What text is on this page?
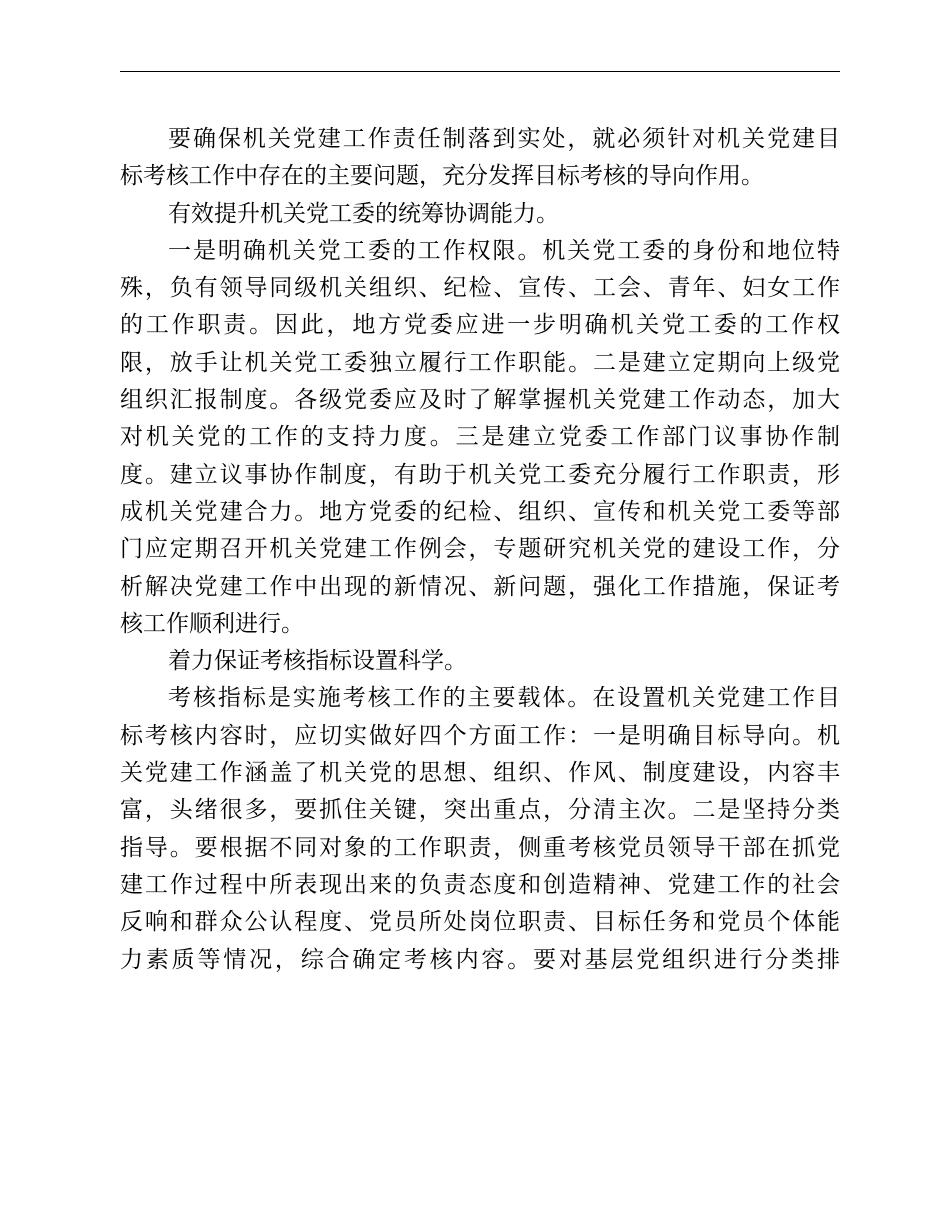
要确保机关党建工作责任制落到实处，就必须针对机关党建目
标考核工作中存在的主要问题，充分发挥目标考核的导向作用。
有效提升机关党工委的统筹协调能力。
一是明确机关党工委的工作权限。机关党工委的身份和地位特
殊，负有领导同级机关组织、纪检、宣传、工会、青年、妇女工作
的工作职责。因此，地方党委应进一步明确机关党工委的工作权
限，放手让机关党工委独立履行工作职能。二是建立定期向上级党
组织汇报制度。各级党委应及时了解掌握机关党建工作动态，加大
对机关党的工作的支持力度。三是建立党委工作部门议事协作制
度。建立议事协作制度，有助于机关党工委充分履行工作职责，形
成机关党建合力。地方党委的纪检、组织、宣传和机关党工委等部
门应定期召开机关党建工作例会，专题研究机关党的建设工作，分
析解决党建工作中出现的新情况、新问题，强化工作措施，保证考
核工作顺利进行。
着力保证考核指标设置科学。
考核指标是实施考核工作的主要载体。在设置机关党建工作目
标考核内容时，应切实做好四个方面工作：一是明确目标导向。机
关党建工作涵盖了机关党的思想、组织、作风、制度建设，内容丰
富，头绪很多，要抓住关键，突出重点，分清主次。二是坚持分类
指导。要根据不同对象的工作职责，侧重考核党员领导干部在抓党
建工作过程中所表现出来的负责态度和创造精神、党建工作的社会
反响和群众公认程度、党员所处岗位职责、目标任务和党员个体能
力素质等情况，综合确定考核内容。要对基层党组织进行分类排
